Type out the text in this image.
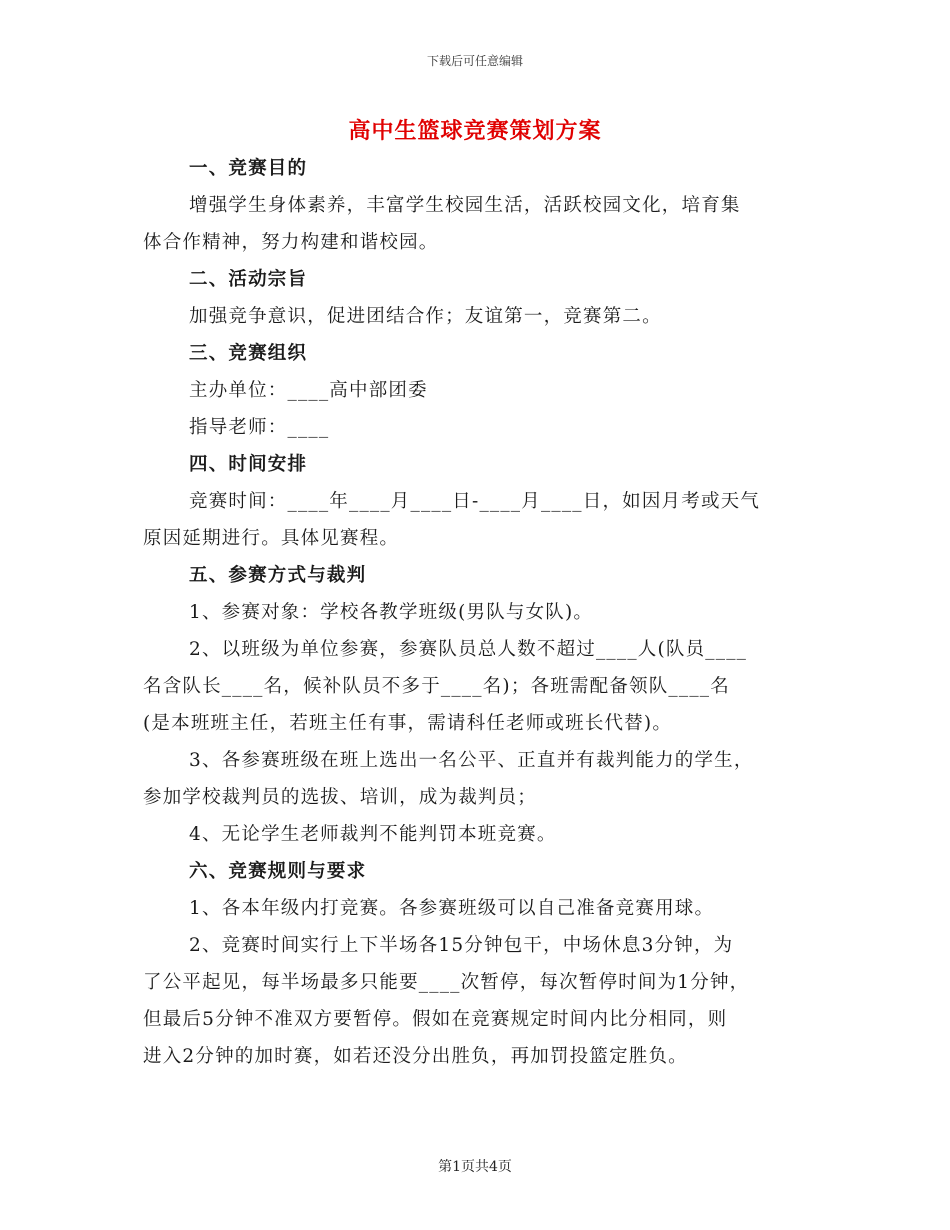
下载后可任意编辑
高中生篮球竞赛策划方案
一、竞赛目的
增强学生身体素养，丰富学生校园生活，活跃校园文化，培育集
体合作精神，努力构建和谐校园。
二、活动宗旨
加强竞争意识，促进团结合作；友谊第一，竞赛第二。
三、竞赛组织
主办单位：____高中部团委
指导老师：____
四、时间安排
竞赛时间：____年____月____日-____月____日，如因月考或天气
原因延期进行。具体见赛程。
五、参赛方式与裁判
1、参赛对象：学校各教学班级(男队与女队)。
2、以班级为单位参赛，参赛队员总人数不超过____人(队员____
名含队长____名，候补队员不多于____名)；各班需配备领队____名
(是本班班主任，若班主任有事，需请科任老师或班长代替)。
3、各参赛班级在班上选出一名公平、正直并有裁判能力的学生，
参加学校裁判员的选拔、培训，成为裁判员；
4、无论学生老师裁判不能判罚本班竞赛。
六、竞赛规则与要求
1、各本年级内打竞赛。各参赛班级可以自己准备竞赛用球。
2、竞赛时间实行上下半场各15分钟包干，中场休息3分钟，为
了公平起见，每半场最多只能要____次暂停，每次暂停时间为1分钟，
但最后5分钟不准双方要暂停。假如在竞赛规定时间内比分相同，则
进入2分钟的加时赛，如若还没分出胜负，再加罚投篮定胜负。
第1页共4页
